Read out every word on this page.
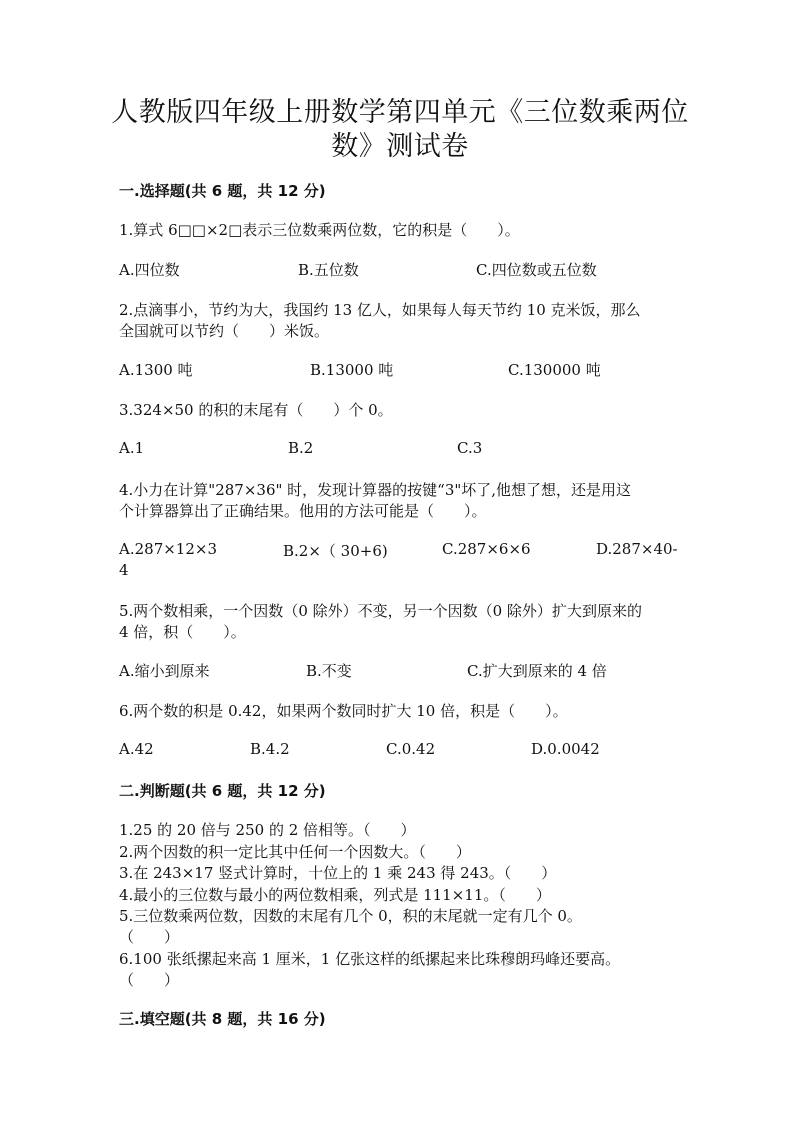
人教版四年级上册数学第四单元《三位数乘两位
数》测试卷
一.选择题(共 6 题，共 12 分)
1.算式 6□□×2□表示三位数乘两位数，它的积是（　　）。
A.四位数	B.五位数	C.四位数或五位数
2.点滴事小，节约为大，我国约 13 亿人，如果每人每天节约 10 克米饭，那么
全国就可以节约（　　）米饭。
A.1300 吨	B.13000 吨	C.130000 吨
3.324×50 的积的末尾有（　　）个 0。
A.1	B.2	C.3
4.小力在计算"287×36" 时，发现计算器的按键“3"坏了,他想了想，还是用这
个计算器算出了正确结果。他用的方法可能是（　　）。
A.287×12×3	B.2×（ 30+6)	C.287×6×6	D.287×40-
4
5.两个数相乘，一个因数（0 除外）不变，另一个因数（0 除外）扩大到原来的
4 倍，积（　　）。
A.缩小到原来	B.不变	C.扩大到原来的 4 倍
6.两个数的积是 0.42，如果两个数同时扩大 10 倍，积是（　　）。
A.42	B.4.2	C.0.42	D.0.0042
二.判断题(共 6 题，共 12 分)
1.25 的 20 倍与 250 的 2 倍相等。（　　）
2.两个因数的积一定比其中任何一个因数大。（　　）
3.在 243×17 竖式计算时，十位上的 1 乘 243 得 243。（　　）
4.最小的三位数与最小的两位数相乘，列式是 111×11。（　　）
5.三位数乘两位数，因数的末尾有几个 0，积的末尾就一定有几个 0。
（　　）
6.100 张纸摞起来高 1 厘米，1 亿张这样的纸摞起来比珠穆朗玛峰还要高。
（　　）
三.填空题(共 8 题，共 16 分)
